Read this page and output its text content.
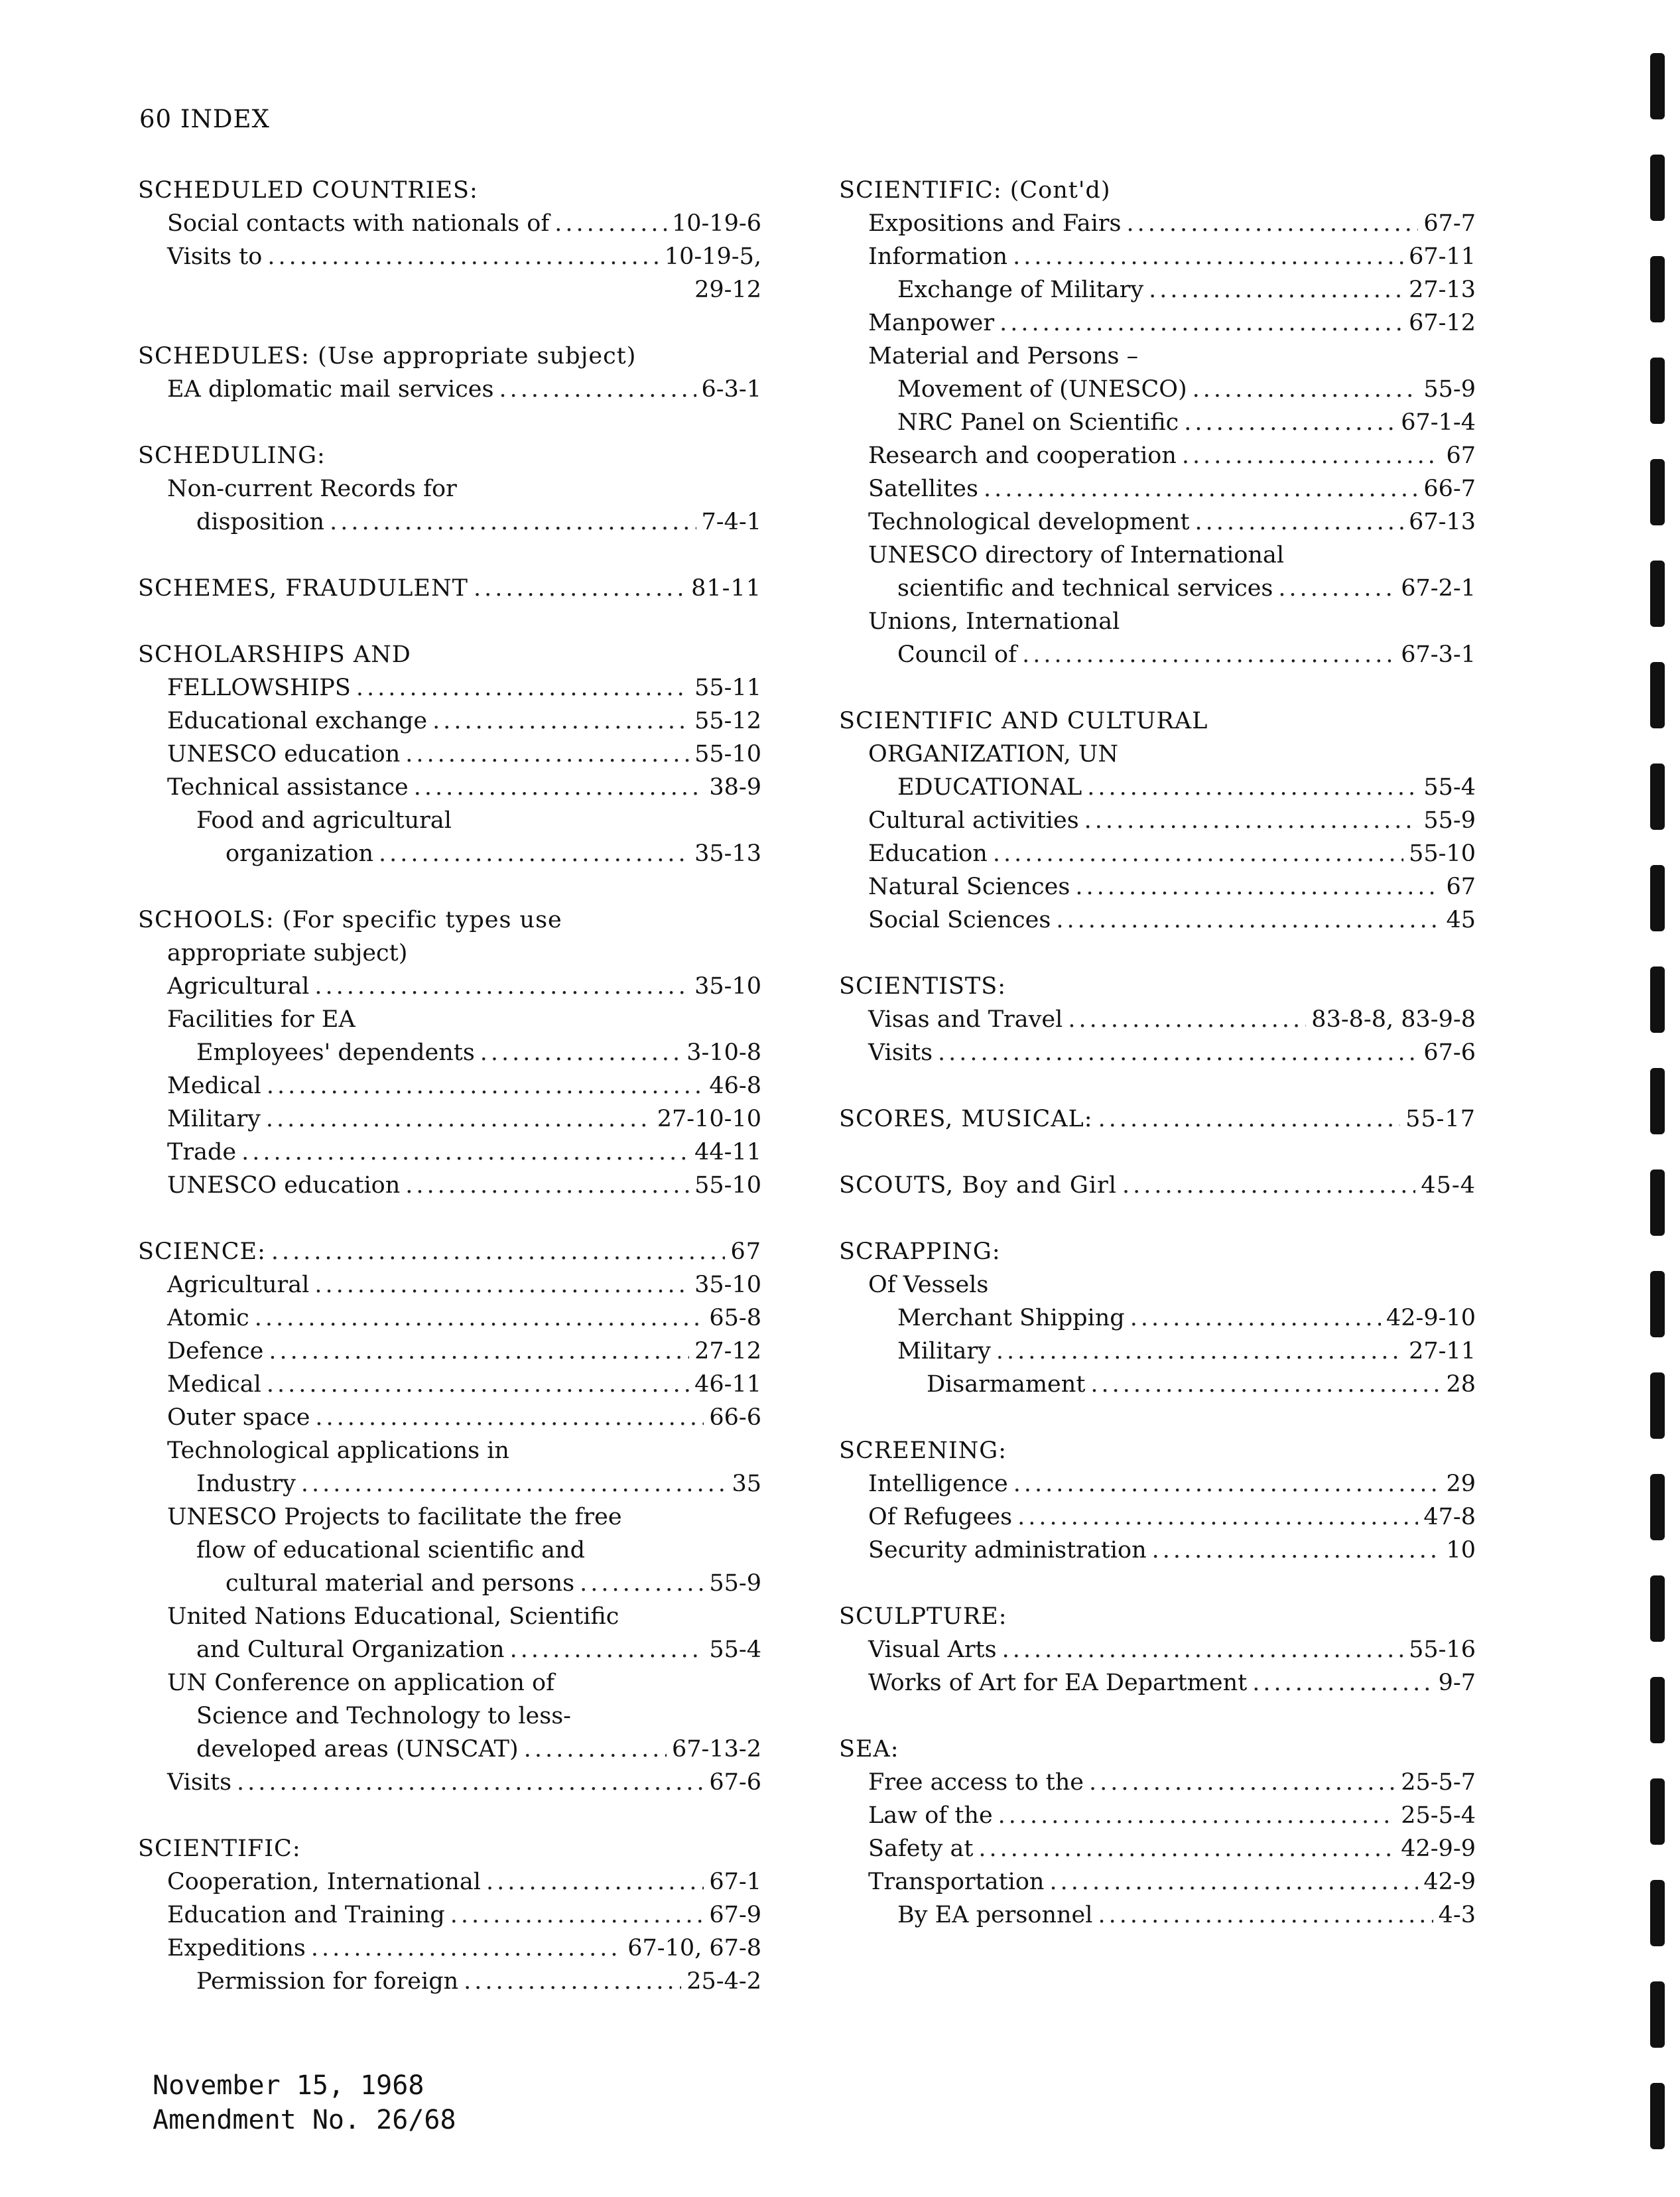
60 INDEX
SCHEDULED COUNTRIES:
Social contacts with nationals of .....	10-19-6
Visits to .....	10-19-5,
29-12
SCHEDULES: (Use appropriate subject)
EA diplomatic mail services .....	6-3-1
SCHEDULING:
Non-current Records for
disposition .....	7-4-1
SCHEMES, FRAUDULENT .....	81-11
SCHOLARSHIPS AND
FELLOWSHIPS .....	55-11
Educational exchange .....	55-12
UNESCO education .....	55-10
Technical assistance .....	38-9
Food and agricultural
organization .....	35-13
SCHOOLS: (For specific types use
appropriate subject)
Agricultural .....	35-10
Facilities for EA
Employees' dependents .....	3-10-8
Medical .....	46-8
Military .....	27-10-10
Trade .....	44-11
UNESCO education .....	55-10
SCIENCE: .....	67
Agricultural .....	35-10
Atomic .....	65-8
Defence .....	27-12
Medical .....	46-11
Outer space .....	66-6
Technological applications in
Industry .....	35
UNESCO Projects to facilitate the free
flow of educational scientific and
cultural material and persons .....	55-9
United Nations Educational, Scientific
and Cultural Organization .....	55-4
UN Conference on application of
Science and Technology to less-
developed areas (UNSCAT) .....	67-13-2
Visits .....	67-6
SCIENTIFIC:
Cooperation, International .....	67-1
Education and Training .....	67-9
Expeditions .....	67-10, 67-8
Permission for foreign .....	25-4-2
SCIENTIFIC: (Cont'd)
Expositions and Fairs .....	67-7
Information .....	67-11
Exchange of Military .....	27-13
Manpower .....	67-12
Material and Persons –
Movement of (UNESCO) .....	55-9
NRC Panel on Scientific .....	67-1-4
Research and cooperation .....	67
Satellites .....	66-7
Technological development .....	67-13
UNESCO directory of International
scientific and technical services .....	67-2-1
Unions, International
Council of .....	67-3-1
SCIENTIFIC AND CULTURAL
ORGANIZATION, UN
EDUCATIONAL .....	55-4
Cultural activities .....	55-9
Education .....	55-10
Natural Sciences .....	67
Social Sciences .....	45
SCIENTISTS:
Visas and Travel .....	83-8-8, 83-9-8
Visits .....	67-6
SCORES, MUSICAL: .....	55-17
SCOUTS, Boy and Girl .....	45-4
SCRAPPING:
Of Vessels
Merchant Shipping .....	42-9-10
Military .....	27-11
Disarmament .....	28
SCREENING:
Intelligence .....	29
Of Refugees .....	47-8
Security administration .....	10
SCULPTURE:
Visual Arts .....	55-16
Works of Art for EA Department .....	9-7
SEA:
Free access to the .....	25-5-7
Law of the .....	25-5-4
Safety at .....	42-9-9
Transportation .....	42-9
By EA personnel .....	4-3
November 15, 1968
Amendment No. 26/68
